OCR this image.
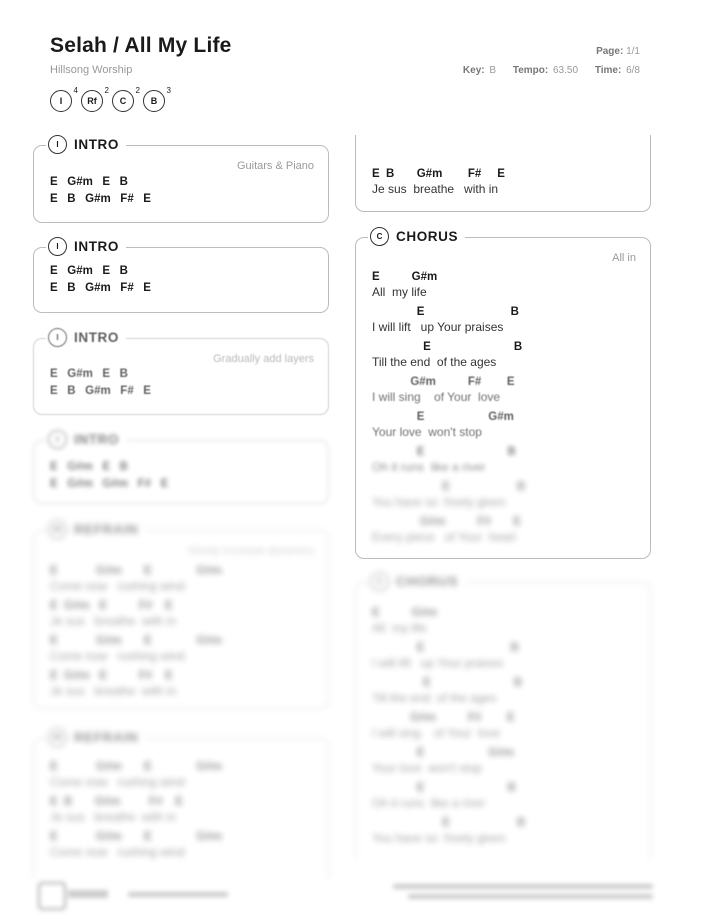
Selah / All My Life
Hillsong Worship
Page: 1/1
Key: B Tempo: 63.50 Time: 6/8
I
4
Rf
2
C
2
B
3
I	INTRO
Guitars & Piano
E   G#m   E   B
E   B   G#m   F#   E
I	INTRO
E   G#m   E   B
E   B   G#m   F#   E
I	INTRO
Gradually add layers
E   G#m   E   B
E   B   G#m   F#   E
I	INTRO
E   G#m   E   B
E   G#m   G#m   F#   E
Rf REFRAIN
Slowly increase dynamics
E            G#m       E              G#m
Come now   rushing wind
E  G#m   E          F#    E
Je sus   breathe  with in
E            G#m       E              G#m
Come now   rushing wind
E  G#m   E          F#    E
Je sus   breathe  with in
Rf REFRAIN
E            G#m       E              G#m
Come now   rushing wind
E  B       G#m         F#    E
Je sus   breathe  with in
E            G#m       E              G#m
Come now   rushing wind
E  B       G#m        F#     E
Je sus  breathe   with in
C	CHORUS
All in
E          G#m
All  my life
E                           B
I will lift   up Your praises
E                          B
Till the end  of the ages
G#m          F#        E
I will sing    of Your  love
E                    G#m
Your love  won't stop
E                          B
Oh it runs  like a river
E                     B
You have so  freely given
G#m          F#       E
Every piece   of Your  heart
C	CHORUS
E          G#m
All  my life
E                           B
I will lift   up Your praises
E                          B
Till the end  of the ages
G#m          F#        E
I will sing    of Your  love
E                    G#m
Your love  won't stop
E                          B
Oh it runs  like a river
E                     B
You have so  freely given
